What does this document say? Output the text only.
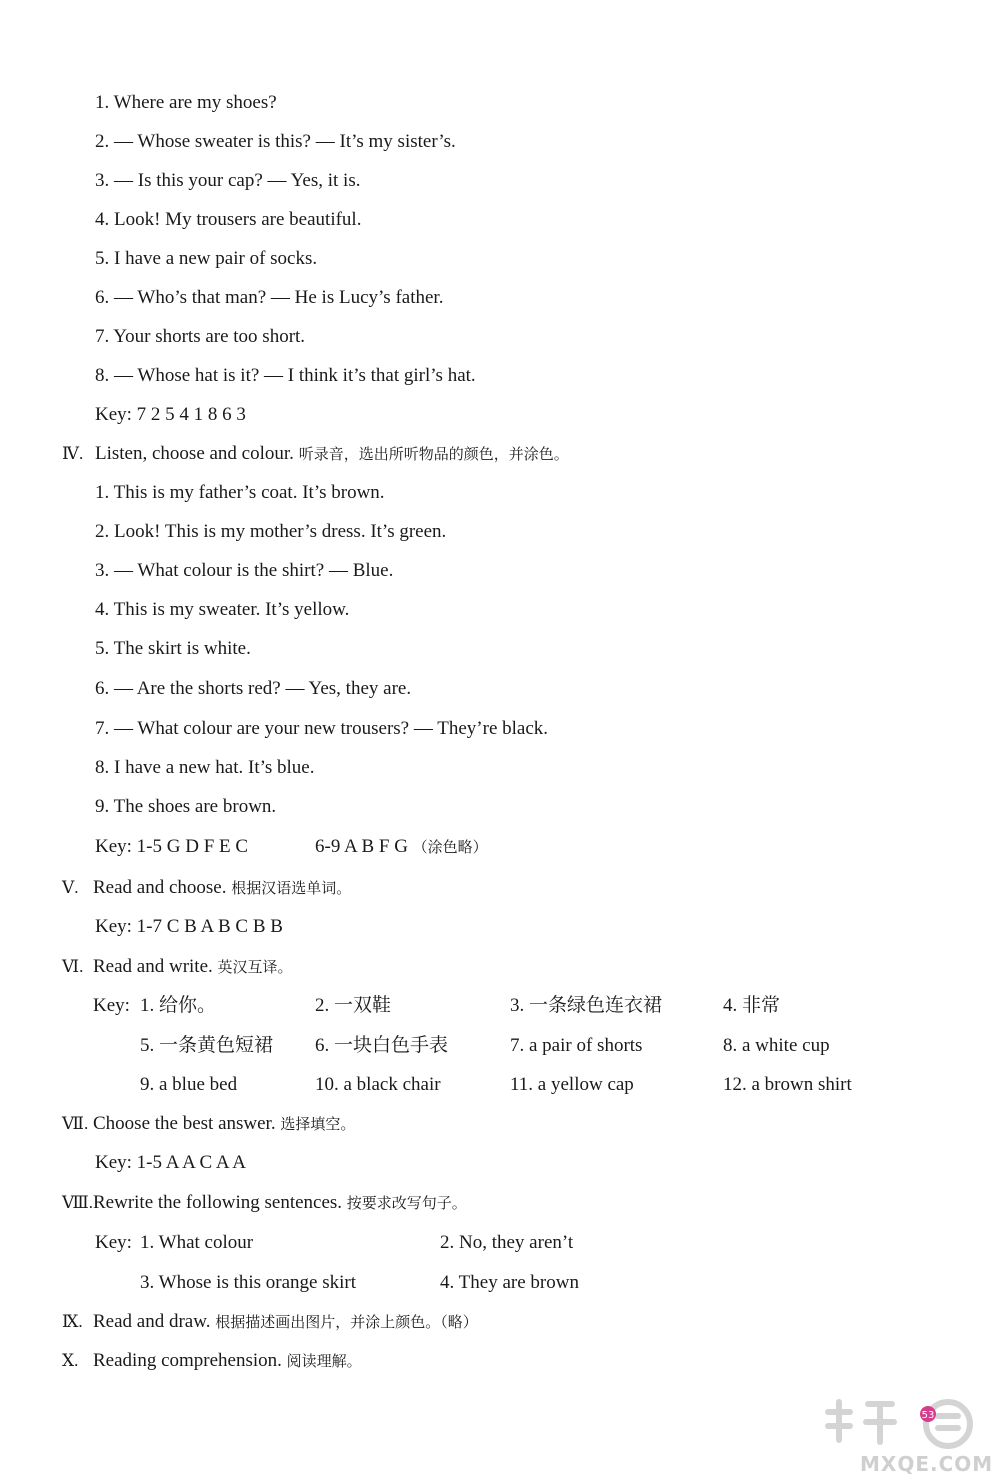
1. Where are my shoes?
2. — Whose sweater is this? — It’s my sister’s.
3. — Is this your cap? — Yes, it is.
4. Look! My trousers are beautiful.
5. I have a new pair of socks.
6. — Who’s that man? — He is Lucy’s father.
7. Your shorts are too short.
8. — Whose hat is it? — I think it’s that girl’s hat.
Key: 7 2 5 4 1 8 6 3
Ⅳ. Listen, choose and colour. 听录音，选出所听物品的颜色，并涂色。
1. This is my father’s coat. It’s brown.
2. Look! This is my mother’s dress. It’s green.
3. — What colour is the shirt? — Blue.
4. This is my sweater. It’s yellow.
5. The skirt is white.
6. — Are the shorts red? — Yes, they are.
7. — What colour are your new trousers? — They’re black.
8. I have a new hat. It’s blue.
9. The shoes are brown.
Key: 1-5 G D F E C	6-9 A B F G （涂色略）
Ⅴ. Read and choose. 根据汉语选单词。
Key: 1-7 C B A B C B B
Ⅵ. Read and write. 英汉互译。
Key: 1. 给你。	2. 一双鞋	3. 一条绿色连衣裙	4. 非常
5. 一条黄色短裙 6. 一块白色手表	7. a pair of shorts	8. a white cup
9. a blue bed	10. a black chair	11. a yellow cap	12. a brown shirt
Ⅶ. Choose the best answer. 选择填空。
Key: 1-5 A A C A A
Ⅷ. Rewrite the following sentences. 按要求改写句子。
Key: 1. What colour	2. No, they aren’t
3. Whose is this orange skirt	4. They are brown
Ⅸ. Read and draw. 根据描述画出图片，并涂上颜色。（略）
Ⅹ. Reading comprehension. 阅读理解。
53
MXQE.COM
